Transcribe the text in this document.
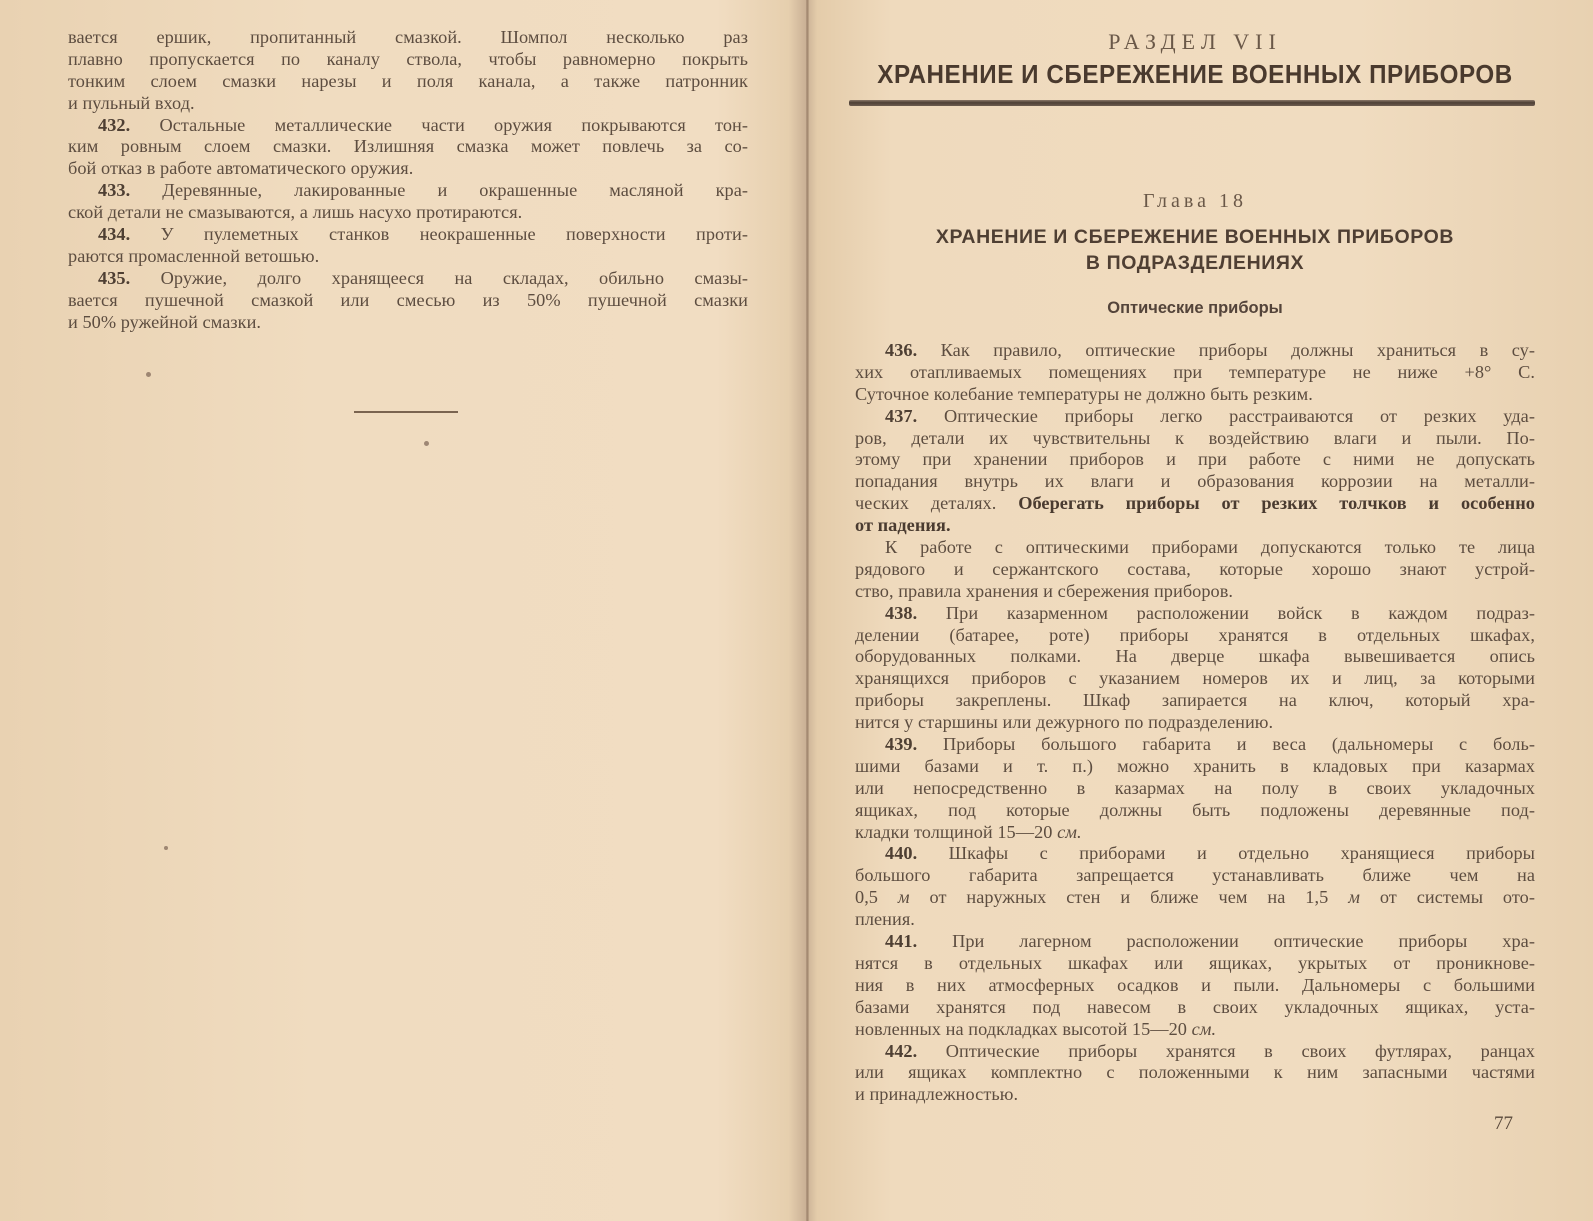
вается ершик, пропитанный смазкой. Шомпол несколько раз
плавно пропускается по каналу ствола, чтобы равномерно покрыть
тонким слоем смазки нарезы и поля канала, а также патронник
и пульный вход.
432. Остальные металлические части оружия покрываются тон-
ким ровным слоем смазки. Излишняя смазка может повлечь за со-
бой отказ в работе автоматического оружия.
433. Деревянные, лакированные и окрашенные масляной кра-
ской детали не смазываются, а лишь насухо протираются.
434. У пулеметных станков неокрашенные поверхности проти-
раются промасленной ветошью.
435. Оружие, долго хранящееся на складах, обильно смазы-
вается пушечной смазкой или смесью из 50% пушечной смазки
и 50% ружейной смазки.
РАЗДЕЛ VII
ХРАНЕНИЕ И СБЕРЕЖЕНИЕ ВОЕННЫХ ПРИБОРОВ
Глава 18
ХРАНЕНИЕ И СБЕРЕЖЕНИЕ ВОЕННЫХ ПРИБОРОВ
В ПОДРАЗДЕЛЕНИЯХ
Оптические приборы
436. Как правило, оптические приборы должны храниться в су-
хих отапливаемых помещениях при температуре не ниже +8° С.
Суточное колебание температуры не должно быть резким.
437. Оптические приборы легко расстраиваются от резких уда-
ров, детали их чувствительны к воздействию влаги и пыли. По-
этому при хранении приборов и при работе с ними не допускать
попадания внутрь их влаги и образования коррозии на металли-
ческих деталях. Оберегать приборы от резких толчков и особенно
от падения.
К работе с оптическими приборами допускаются только те лица
рядового и сержантского состава, которые хорошо знают устрой-
ство, правила хранения и сбережения приборов.
438. При казарменном расположении войск в каждом подраз-
делении (батарее, роте) приборы хранятся в отдельных шкафах,
оборудованных полками. На дверце шкафа вывешивается опись
хранящихся приборов с указанием номеров их и лиц, за которыми
приборы закреплены. Шкаф запирается на ключ, который хра-
нится у старшины или дежурного по подразделению.
439. Приборы большого габарита и веса (дальномеры с боль-
шими базами и т. п.) можно хранить в кладовых при казармах
или непосредственно в казармах на полу в своих укладочных
ящиках, под которые должны быть подложены деревянные под-
кладки толщиной 15—20 см.
440. Шкафы с приборами и отдельно хранящиеся приборы
большого габарита запрещается устанавливать ближе чем на
0,5 м от наружных стен и ближе чем на 1,5 м от системы ото-
пления.
441. При лагерном расположении оптические приборы хра-
нятся в отдельных шкафах или ящиках, укрытых от проникнове-
ния в них атмосферных осадков и пыли. Дальномеры с большими
базами хранятся под навесом в своих укладочных ящиках, уста-
новленных на подкладках высотой 15—20 см.
442. Оптические приборы хранятся в своих футлярах, ранцах
или ящиках комплектно с положенными к ним запасными частями
и принадлежностью.
77
